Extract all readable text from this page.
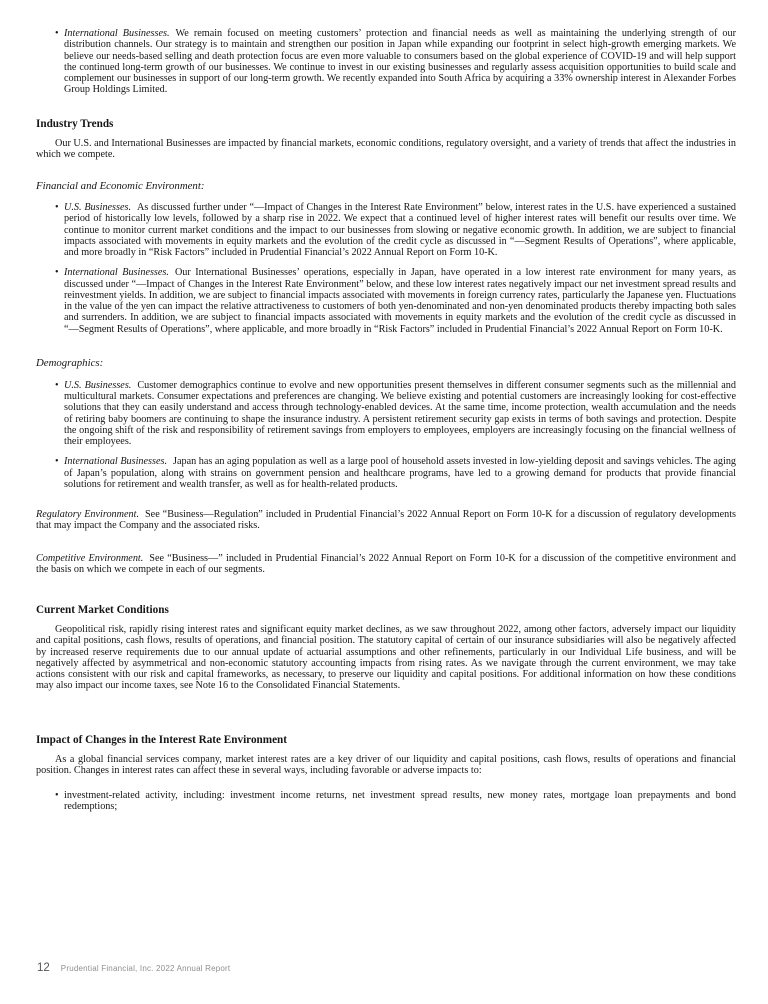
• International Businesses. We remain focused on meeting customers’ protection and financial needs as well as maintaining the underlying strength of our distribution channels. Our strategy is to maintain and strengthen our position in Japan while expanding our footprint in select high-growth emerging markets. We believe our needs-based selling and death protection focus are even more valuable to consumers based on the global experience of COVID-19 and will help support the continued long-term growth of our businesses. We continue to invest in our existing businesses and regularly assess acquisition opportunities to build scale and complement our businesses in support of our long-term growth. We recently expanded into South Africa by acquiring a 33% ownership interest in Alexander Forbes Group Holdings Limited.
Industry Trends

Our U.S. and International Businesses are impacted by financial markets, economic conditions, regulatory oversight, and a variety of trends that affect the industries in which we compete.

Financial and Economic Environment:
• U.S. Businesses. As discussed further under “—Impact of Changes in the Interest Rate Environment” below, interest rates in the U.S. have experienced a sustained period of historically low levels, followed by a sharp rise in 2022. We expect that a continued level of higher interest rates will benefit our results over time. We continue to monitor current market conditions and the impact to our businesses from slowing or negative economic growth. In addition, we are subject to financial impacts associated with movements in equity markets and the evolution of the credit cycle as discussed in “—Segment Results of Operations”, where applicable, and more broadly in “Risk Factors” included in Prudential Financial’s 2022 Annual Report on Form 10-K.
• International Businesses. Our International Businesses’ operations, especially in Japan, have operated in a low interest rate environment for many years, as discussed under “—Impact of Changes in the Interest Rate Environment” below, and these low interest rates negatively impact our net investment spread results and reinvestment yields. In addition, we are subject to financial impacts associated with movements in foreign currency rates, particularly the Japanese yen. Fluctuations in the value of the yen can impact the relative attractiveness to customers of both yen-denominated and non-yen denominated products thereby impacting both sales and surrenders. In addition, we are subject to financial impacts associated with movements in equity markets and the evolution of the credit cycle as discussed in “—Segment Results of Operations”, where applicable, and more broadly in “Risk Factors” included in Prudential Financial’s 2022 Annual Report on Form 10-K.
Demographics:
• U.S. Businesses. Customer demographics continue to evolve and new opportunities present themselves in different consumer segments such as the millennial and multicultural markets. Consumer expectations and preferences are changing. We believe existing and potential customers are increasingly looking for cost-effective solutions that they can easily understand and access through technology-enabled devices. At the same time, income protection, wealth accumulation and the needs of retiring baby boomers are continuing to shape the insurance industry. A persistent retirement security gap exists in terms of both savings and protection. Despite the ongoing shift of the risk and responsibility of retirement savings from employers to employees, employers are increasingly focusing on the financial wellness of their employees.
• International Businesses. Japan has an aging population as well as a large pool of household assets invested in low-yielding deposit and savings vehicles. The aging of Japan’s population, along with strains on government pension and healthcare programs, have led to a growing demand for products that provide financial solutions for retirement and wealth transfer, as well as for health-related products.

Regulatory Environment. See “Business—Regulation” included in Prudential Financial’s 2022 Annual Report on Form 10-K for a discussion of regulatory developments that may impact the Company and the associated risks.

Competitive Environment. See “Business—” included in Prudential Financial’s 2022 Annual Report on Form 10-K for a discussion of the competitive environment and the basis on which we compete in each of our segments.

Current Market Conditions

Geopolitical risk, rapidly rising interest rates and significant equity market declines, as we saw throughout 2022, among other factors, adversely impact our liquidity and capital positions, cash flows, results of operations, and financial position. The statutory capital of certain of our insurance subsidiaries will also be negatively affected by increased reserve requirements due to our annual update of actuarial assumptions and other refinements, particularly in our Individual Life business, and will be negatively affected by asymmetrical and non-economic statutory accounting impacts from rising rates. As we navigate through the current environment, we may take actions consistent with our risk and capital frameworks, as necessary, to preserve our liquidity and capital positions. For additional information on how these conditions may also impact our income taxes, see Note 16 to the Consolidated Financial Statements.

Impact of Changes in the Interest Rate Environment

As a global financial services company, market interest rates are a key driver of our liquidity and capital positions, cash flows, results of operations and financial position. Changes in interest rates can affect these in several ways, including favorable or adverse impacts to:

• investment-related activity, including: investment income returns, net investment spread results, new money rates, mortgage loan prepayments and bond redemptions;
12 Prudential Financial, Inc. 2022 Annual Report
